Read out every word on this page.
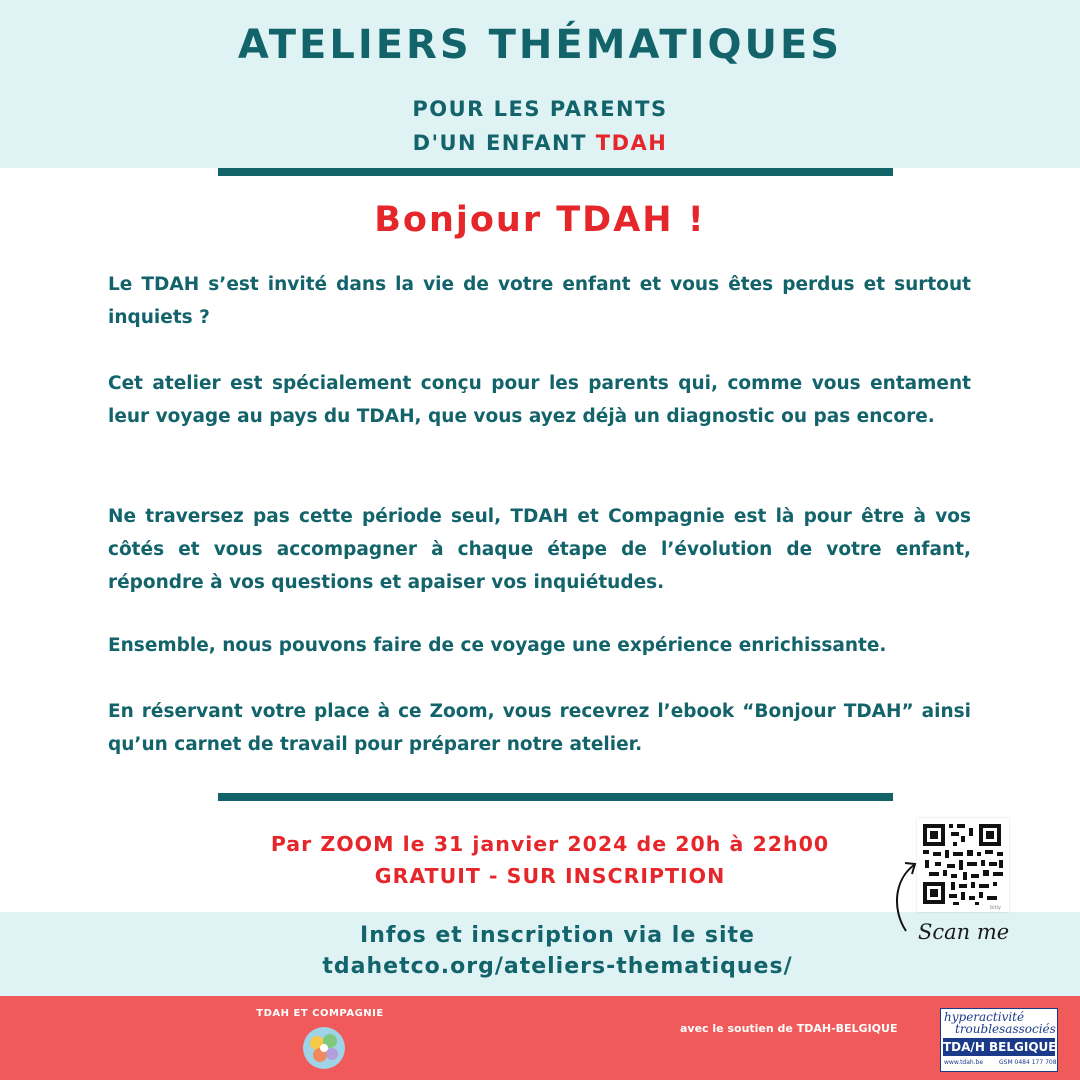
ATELIERS THÉMATIQUES
POUR LES PARENTS
D'UN ENFANT TDAH
Bonjour TDAH !

Le TDAH s’est invité dans la vie de votre enfant et vous êtes perdus et surtout inquiets ?

Cet atelier est spécialement conçu pour les parents qui, comme vous entament leur voyage au pays du TDAH, que vous ayez déjà un diagnostic ou pas encore.

Ne traversez pas cette période seul, TDAH et Compagnie est là pour être à vos côtés et vous accompagner à chaque étape de l’évolution de votre enfant, répondre à vos questions et apaiser vos inquiétudes.

Ensemble, nous pouvons faire de ce voyage une expérience enrichissante.

En réservant votre place à ce Zoom, vous recevrez l’ebook “Bonjour TDAH” ainsi qu’un carnet de travail pour préparer notre atelier.

Par ZOOM le 31 janvier 2024 de 20h à 22h00
GRATUIT - SUR INSCRIPTION
Infos et inscription via le site
tdahetco.org/ateliers-thematiques/
bitly
Scan me
TDAH ET COMPAGNIE
avec le soutien de TDAH-BELGIQUE
hyperactivité
troublesassociés
TDA/H BELGIQUE
www.tdah.be	GSM 0484 177 708
